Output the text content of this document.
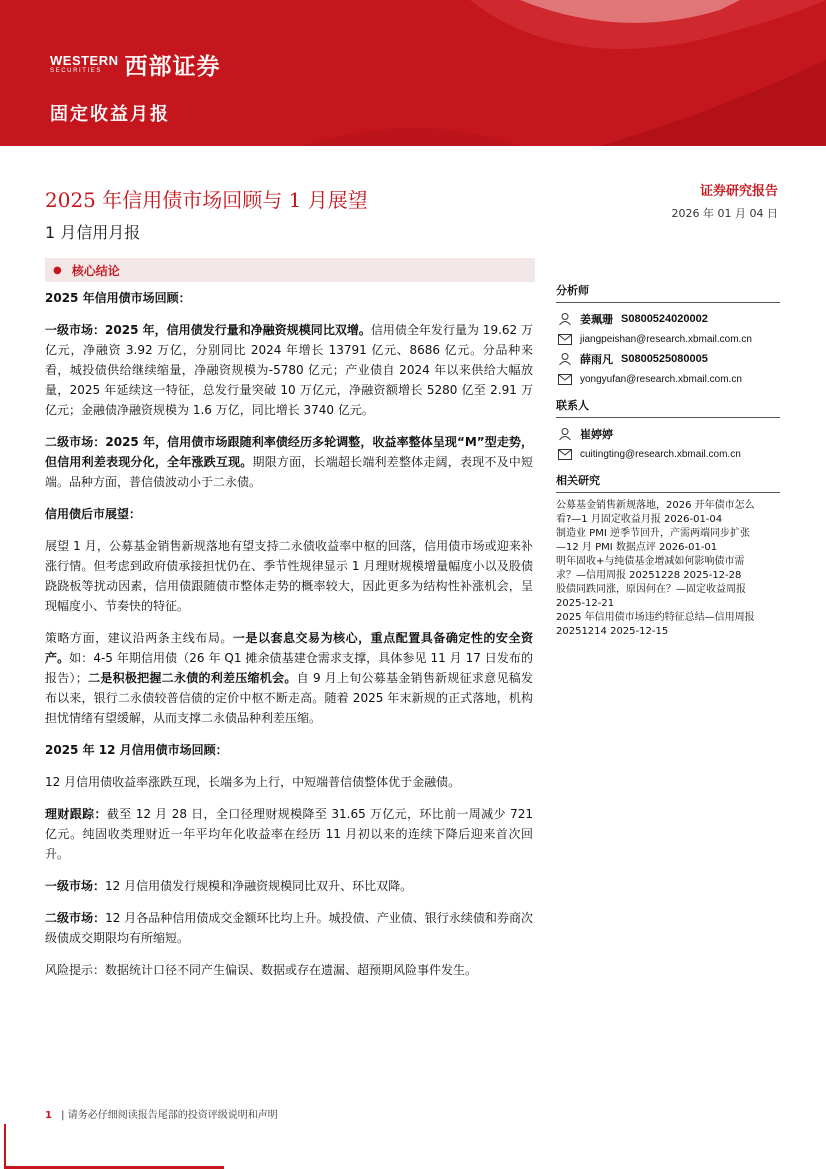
WESTERN
SECURITIES 西部证券
固定收益月报
2025 年信用债市场回顾与 1 月展望
1 月信用月报
证券研究报告
2026 年 01 月 04 日
● 核心结论
2025 年信用债市场回顾：
一级市场：2025 年，信用债发行量和净融资规模同比双增。信用债全年发行量为 19.62 万亿元，净融资 3.92 万亿，分别同比 2024 年增长 13791 亿元、8686 亿元。分品种来看，城投债供给继续缩量，净融资规模为-5780 亿元；产业债自 2024 年以来供给大幅放量，2025 年延续这一特征，总发行量突破 10 万亿元，净融资额增长 5280 亿至 2.91 万亿元；金融债净融资规模为 1.6 万亿，同比增长 3740 亿元。
二级市场：2025 年，信用债市场跟随利率债经历多轮调整，收益率整体呈现“M”型走势，但信用利差表现分化，全年涨跌互现。期限方面，长端超长端利差整体走阔，表现不及中短端。品种方面，普信债波动小于二永债。
信用债后市展望：
展望 1 月，公募基金销售新规落地有望支持二永债收益率中枢的回落，信用债市场或迎来补涨行情。但考虑到政府债承接担忧仍在、季节性规律显示 1 月理财规模增量幅度小以及股债跷跷板等扰动因素，信用债跟随债市整体走势的概率较大，因此更多为结构性补涨机会，呈现幅度小、节奏快的特征。
策略方面，建议沿两条主线布局。一是以套息交易为核心，重点配置具备确定性的安全资产。如：4-5 年期信用债（26 年 Q1 摊余债基建仓需求支撑，具体参见 11 月 17 日发布的报告）；二是积极把握二永债的利差压缩机会。自 9 月上旬公募基金销售新规征求意见稿发布以来，银行二永债较普信债的定价中枢不断走高。随着 2025 年末新规的正式落地，机构担忧情绪有望缓解，从而支撑二永债品种利差压缩。
2025 年 12 月信用债市场回顾：
12 月信用债收益率涨跌互现，长端多为上行，中短端普信债整体优于金融债。
理财跟踪：截至 12 月 28 日，全口径理财规模降至 31.65 万亿元，环比前一周减少 721 亿元。纯固收类理财近一年平均年化收益率在经历 11 月初以来的连续下降后迎来首次回升。
一级市场：12 月信用债发行规模和净融资规模同比双升、环比双降。
二级市场：12 月各品种信用债成交金额环比均上升。城投债、产业债、银行永续债和券商次级债成交期限均有所缩短。
风险提示：数据统计口径不同产生偏误、数据或存在遗漏、超预期风险事件发生。
分析师
姜珮珊 S0800524020002
jiangpeishan@research.xbmail.com.cn
薛雨凡 S0800525080005
yongyufan@research.xbmail.com.cn
联系人
崔婷婷
cuitingting@research.xbmail.com.cn
相关研究
公募基金销售新规落地，2026 开年债市怎么
看?—1 月固定收益月报 2026-01-04
制造业 PMI 逆季节回升，产需两端同步扩张
—12 月 PMI 数据点评 2026-01-01
明年固收+与纯债基金增减如何影响债市需
求？—信用周报 20251228 2025-12-28
股债同跌同涨，原因何在？—固定收益周报
2025-12-21
2025 年信用债市场违约特征总结—信用周报
20251214 2025-12-15
1 | 请务必仔细阅读报告尾部的投资评级说明和声明
